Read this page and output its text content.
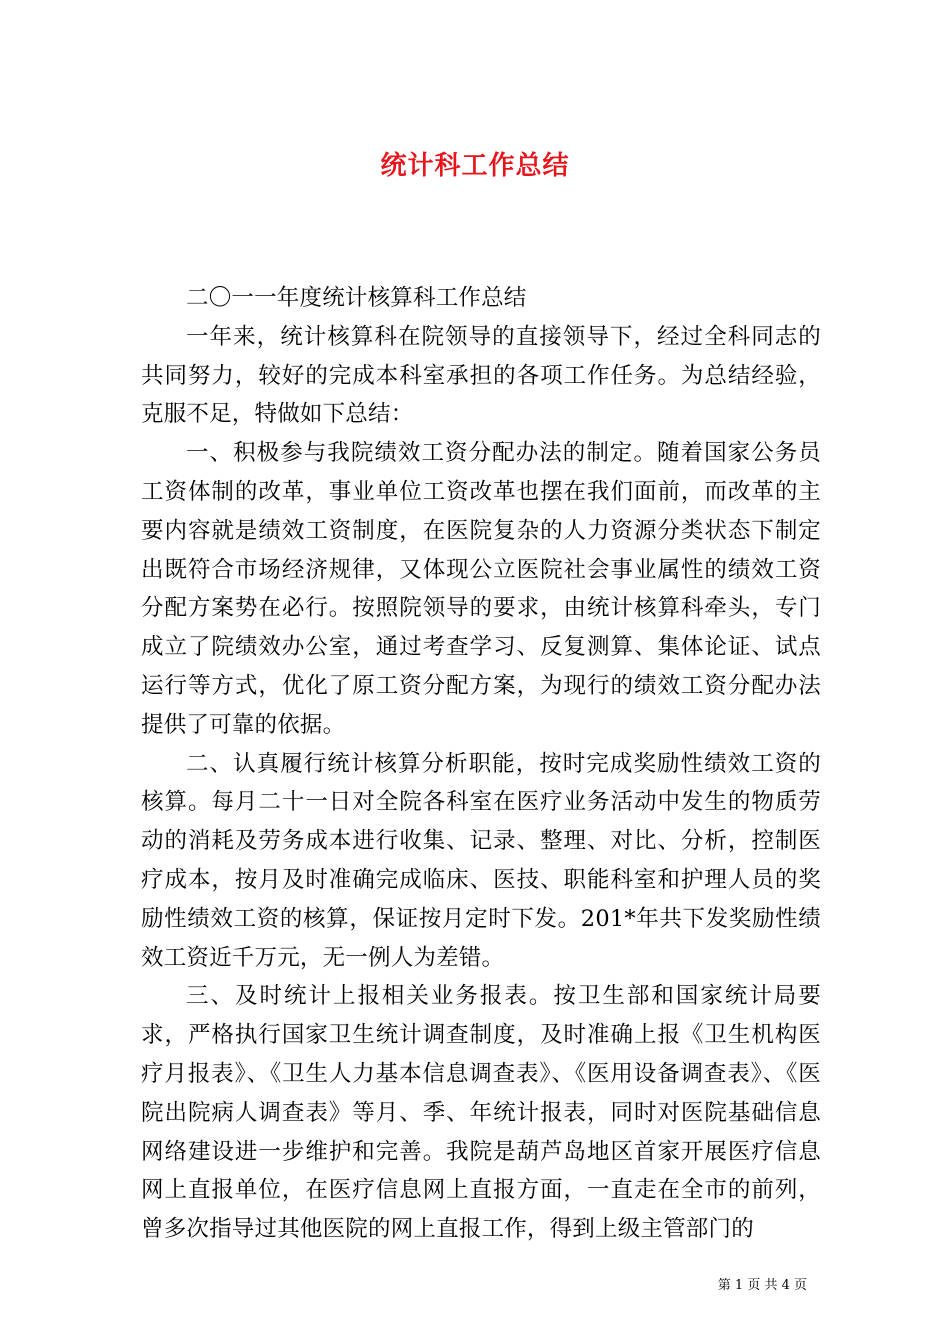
统计科工作总结

二〇一一年度统计核算科工作总结

一年来，统计核算科在院领导的直接领导下，经过全科同志的共同努力，较好的完成本科室承担的各项工作任务。为总结经验，克服不足，特做如下总结：

一、积极参与我院绩效工资分配办法的制定。随着国家公务员工资体制的改革，事业单位工资改革也摆在我们面前，而改革的主要内容就是绩效工资制度，在医院复杂的人力资源分类状态下制定出既符合市场经济规律，又体现公立医院社会事业属性的绩效工资分配方案势在必行。按照院领导的要求，由统计核算科牵头，专门成立了院绩效办公室，通过考查学习、反复测算、集体论证、试点运行等方式，优化了原工资分配方案，为现行的绩效工资分配办法提供了可靠的依据。

二、认真履行统计核算分析职能，按时完成奖励性绩效工资的核算。每月二十一日对全院各科室在医疗业务活动中发生的物质劳动的消耗及劳务成本进行收集、记录、整理、对比、分析，控制医疗成本，按月及时准确完成临床、医技、职能科室和护理人员的奖励性绩效工资的核算，保证按月定时下发。201*年共下发奖励性绩效工资近千万元，无一例人为差错。

三、及时统计上报相关业务报表。按卫生部和国家统计局要求，严格执行国家卫生统计调查制度，及时准确上报《卫生机构医疗月报表》、《卫生人力基本信息调查表》、《医用设备调查表》、《医院出院病人调查表》等月、季、年统计报表，同时对医院基础信息网络建设进一步维护和完善。我院是葫芦岛地区首家开展医疗信息网上直报单位，在医疗信息网上直报方面，一直走在全市的前列，曾多次指导过其他医院的网上直报工作，得到上级主管部门的

第 1 页 共 4 页
